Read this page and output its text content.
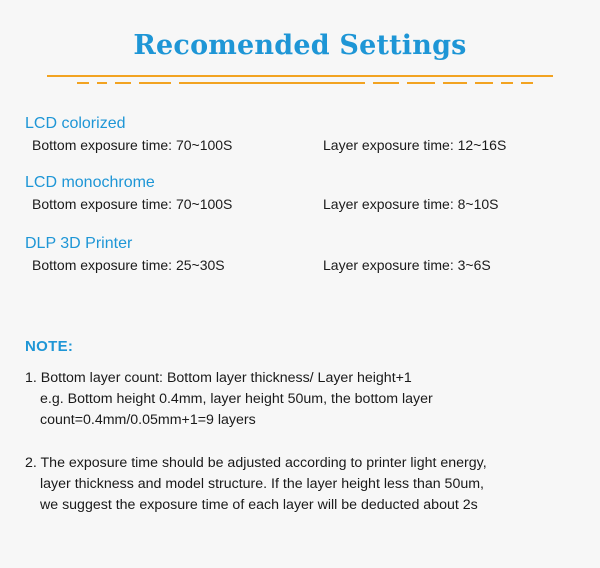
Recomended Settings
LCD colorized
Bottom exposure time: 70~100S	Layer exposure time: 12~16S
LCD monochrome
Bottom exposure time: 70~100S	Layer exposure time: 8~10S
DLP 3D Printer
Bottom exposure time: 25~30S	Layer exposure time: 3~6S
NOTE:
1. Bottom layer count: Bottom layer thickness/ Layer height+1
e.g. Bottom height 0.4mm, layer height 50um, the bottom layer
count=0.4mm/0.05mm+1=9 layers
2. The exposure time should be adjusted according to printer light energy,
layer thickness and model structure. If the layer height less than 50um,
we suggest the exposure time of each layer will be deducted about 2s
